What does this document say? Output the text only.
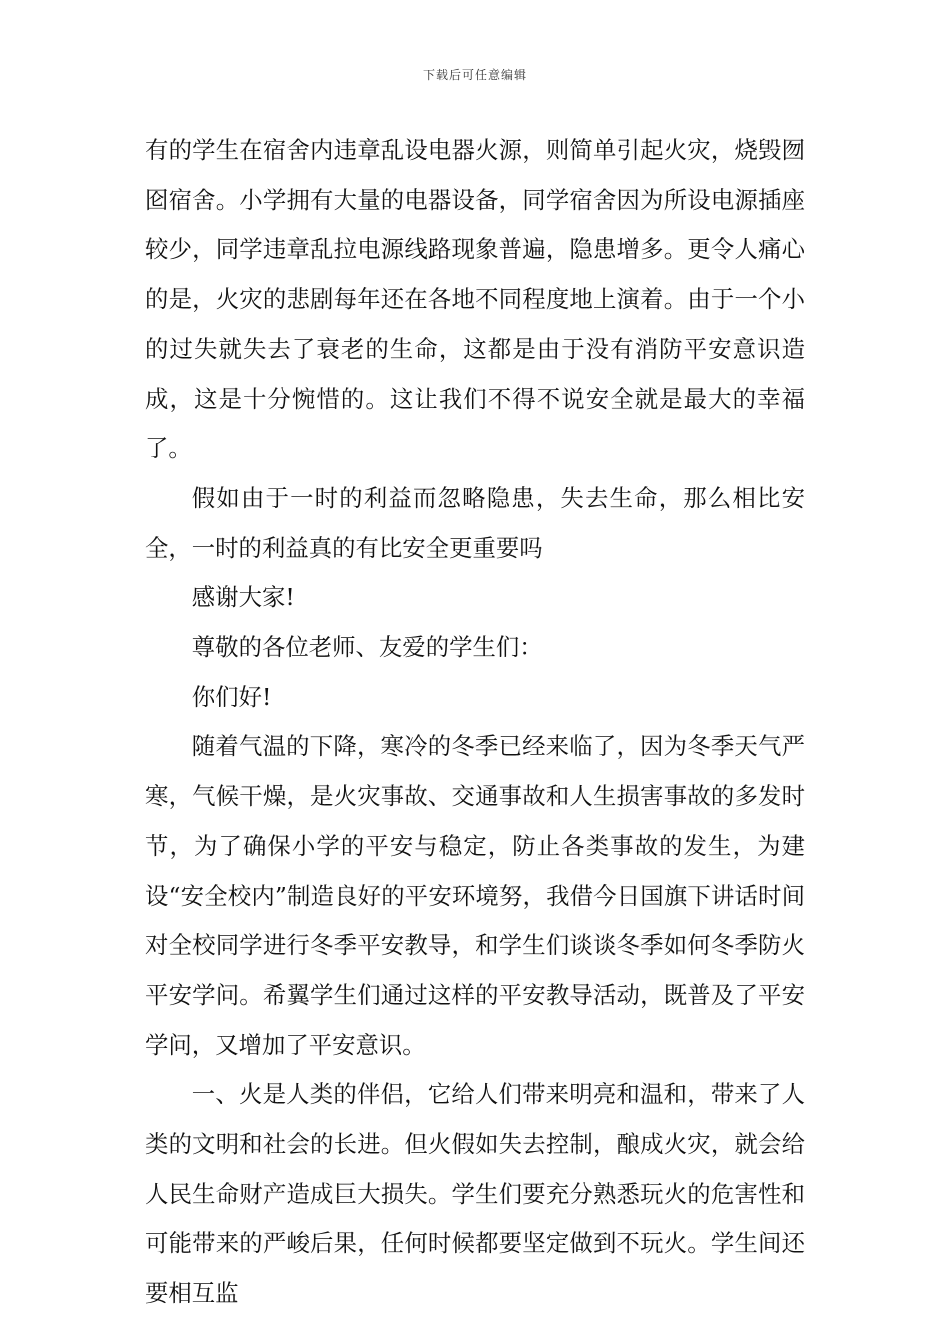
下载后可任意编辑

有的学生在宿舍内违章乱设电器火源，则简单引起火灾，烧毁囫囵宿舍。小学拥有大量的电器设备，同学宿舍因为所设电源插座较少，同学违章乱拉电源线路现象普遍，隐患增多。更令人痛心的是，火灾的悲剧每年还在各地不同程度地上演着。由于一个小的过失就失去了衰老的生命，这都是由于没有消防平安意识造成，这是十分惋惜的。这让我们不得不说安全就是最大的幸福了。

假如由于一时的利益而忽略隐患，失去生命，那么相比安全，一时的利益真的有比安全更重要吗

感谢大家!

尊敬的各位老师、友爱的学生们：

你们好!

随着气温的下降，寒冷的冬季已经来临了，因为冬季天气严寒，气候干燥，是火灾事故、交通事故和人生损害事故的多发时节，为了确保小学的平安与稳定，防止各类事故的发生，为建设“安全校内”制造良好的平安环境努，我借今日国旗下讲话时间对全校同学进行冬季平安教导，和学生们谈谈冬季如何冬季防火平安学问。希翼学生们通过这样的平安教导活动，既普及了平安学问，又增加了平安意识。

一、火是人类的伴侣，它给人们带来明亮和温和，带来了人类的文明和社会的长进。但火假如失去控制，酿成火灾，就会给人民生命财产造成巨大损失。学生们要充分熟悉玩火的危害性和可能带来的严峻后果，任何时候都要坚定做到不玩火。学生间还要相互监
